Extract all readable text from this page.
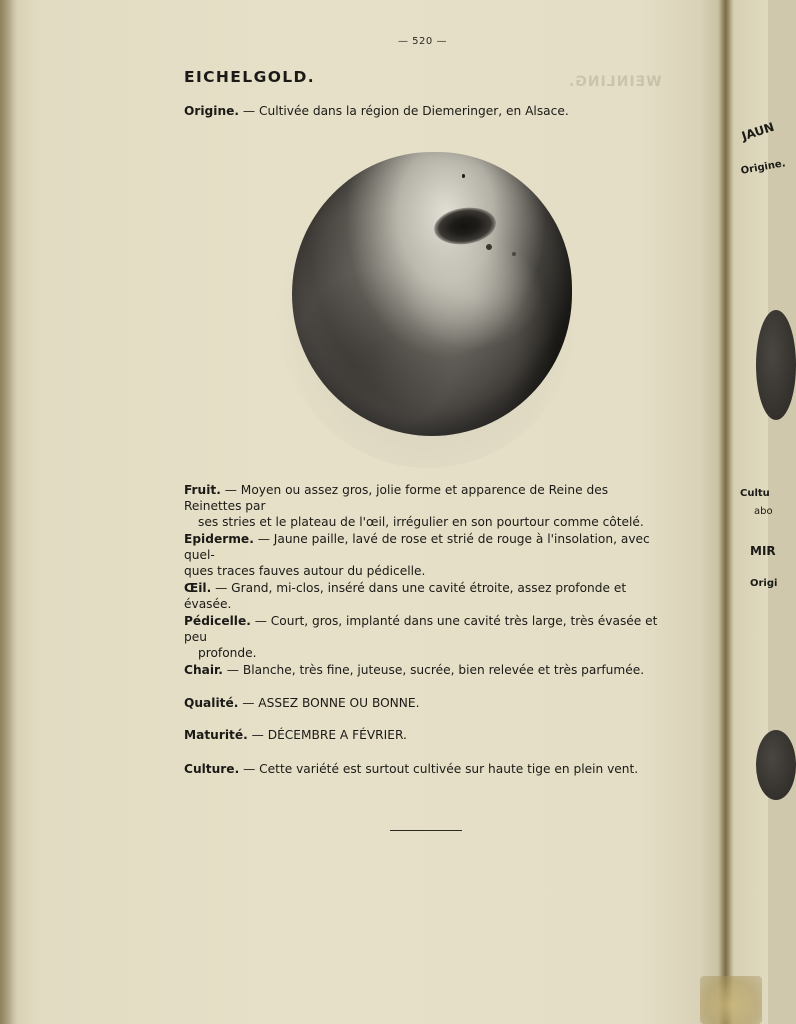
WEINLING.
— 520 —
EICHELGOLD.
Origine. — Cultivée dans la région de Diemeringer, en Alsace.
Fruit. — Moyen ou assez gros, jolie forme et apparence de Reine des Reinettes par
ses stries et le plateau de l'œil, irrégulier en son pourtour comme côtelé.
Epiderme. — Jaune paille, lavé de rose et strié de rouge à l'insolation, avec quel-
ques traces fauves autour du pédicelle.
Œil. — Grand, mi-clos, inséré dans une cavité étroite, assez profonde et évasée.
Pédicelle. — Court, gros, implanté dans une cavité très large, très évasée et peu
profonde.
Chair. — Blanche, très fine, juteuse, sucrée, bien relevée et très parfumée.
Qualité. — ASSEZ BONNE OU BONNE.
Maturité. — DÉCEMBRE A FÉVRIER.
Culture. — Cette variété est surtout cultivée sur haute tige en plein vent.
JAUN
Origine.
Cultu
abo
MIR
Origi
